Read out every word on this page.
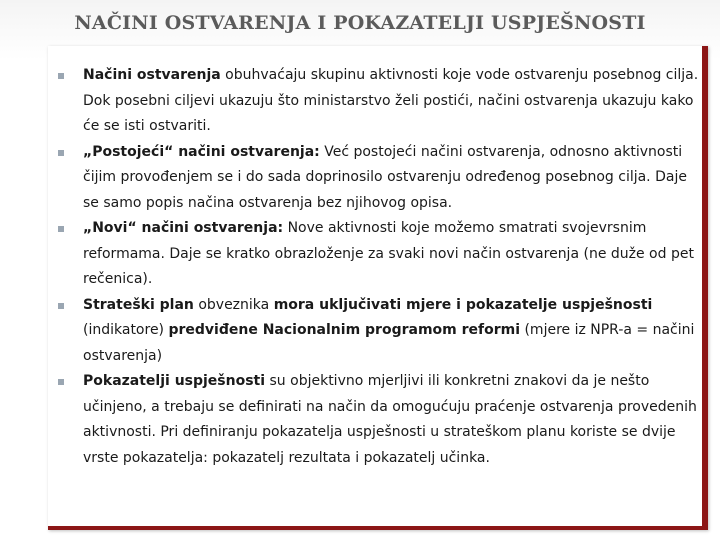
NAČINI OSTVARENJA I POKAZATELJI USPJEŠNOSTI
Načini ostvarenja obuhvaćaju skupinu aktivnosti koje vode ostvarenju posebnog cilja. Dok posebni ciljevi ukazuju što ministarstvo želi postići, načini ostvarenja ukazuju kako će se isti ostvariti.
„Postojeći“ načini ostvarenja: Već postojeći načini ostvarenja, odnosno aktivnosti čijim provođenjem se i do sada doprinosilo ostvarenju određenog posebnog cilja. Daje se samo popis načina ostvarenja bez njihovog opisa.
„Novi“ načini ostvarenja: Nove aktivnosti koje možemo smatrati svojevrsnim reformama. Daje se kratko obrazloženje za svaki novi način ostvarenja (ne duže od pet rečenica).
Strateški plan obveznika mora uključivati mjere i pokazatelje uspješnosti (indikatore) predviđene Nacionalnim programom reformi (mjere iz NPR-a = načini ostvarenja)
Pokazatelji uspješnosti su objektivno mjerljivi ili konkretni znakovi da je nešto učinjeno, a trebaju se definirati na način da omogućuju praćenje ostvarenja provedenih aktivnosti. Pri definiranju pokazatelja uspješnosti u strateškom planu koriste se dvije vrste pokazatelja: pokazatelj rezultata i pokazatelj učinka.
